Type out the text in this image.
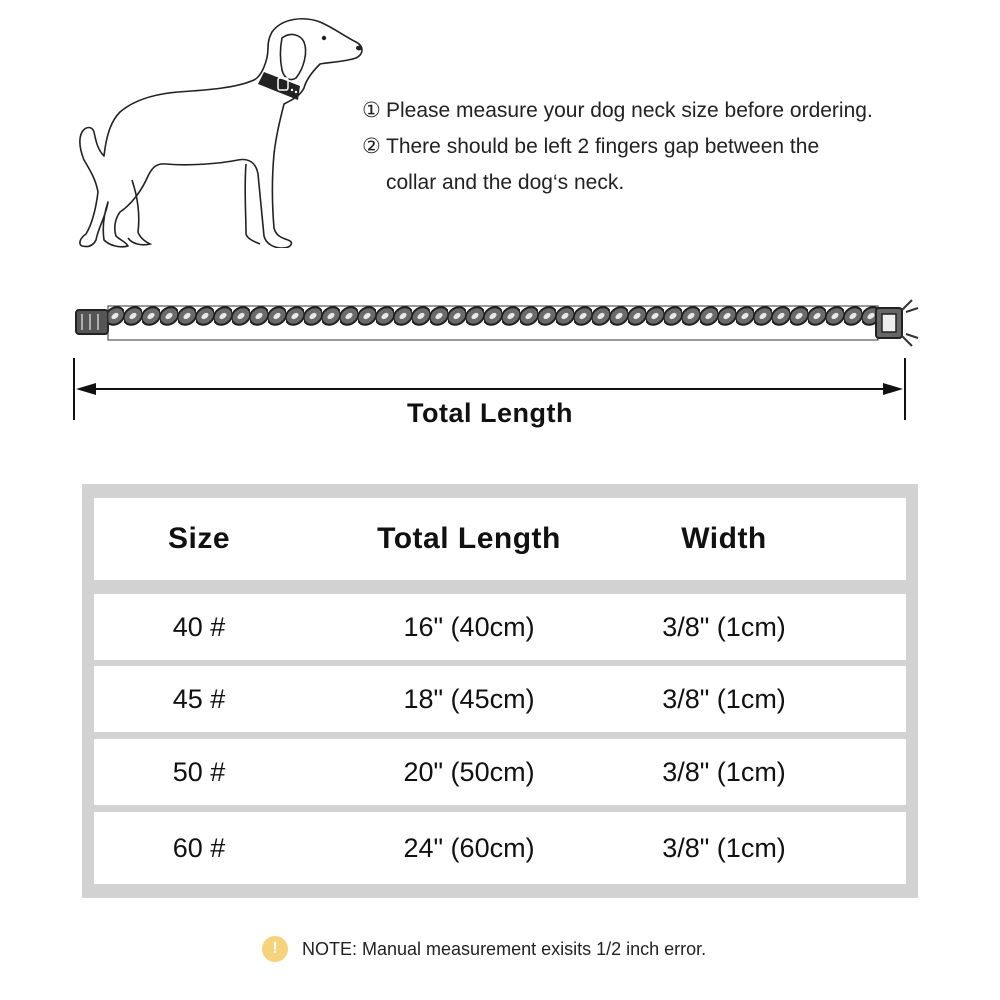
① Please measure your dog neck size before ordering.
② There should be left 2 fingers gap between the
collar and the dog‘s neck.
Total Length
Size	Total Length	Width
40 #	16" (40cm)	3/8" (1cm)
45 #	18" (45cm)	3/8" (1cm)
50 #	20" (50cm)	3/8" (1cm)
60 #	24" (60cm)	3/8" (1cm)
!	NOTE: Manual measurement exisits 1/2 inch error.
